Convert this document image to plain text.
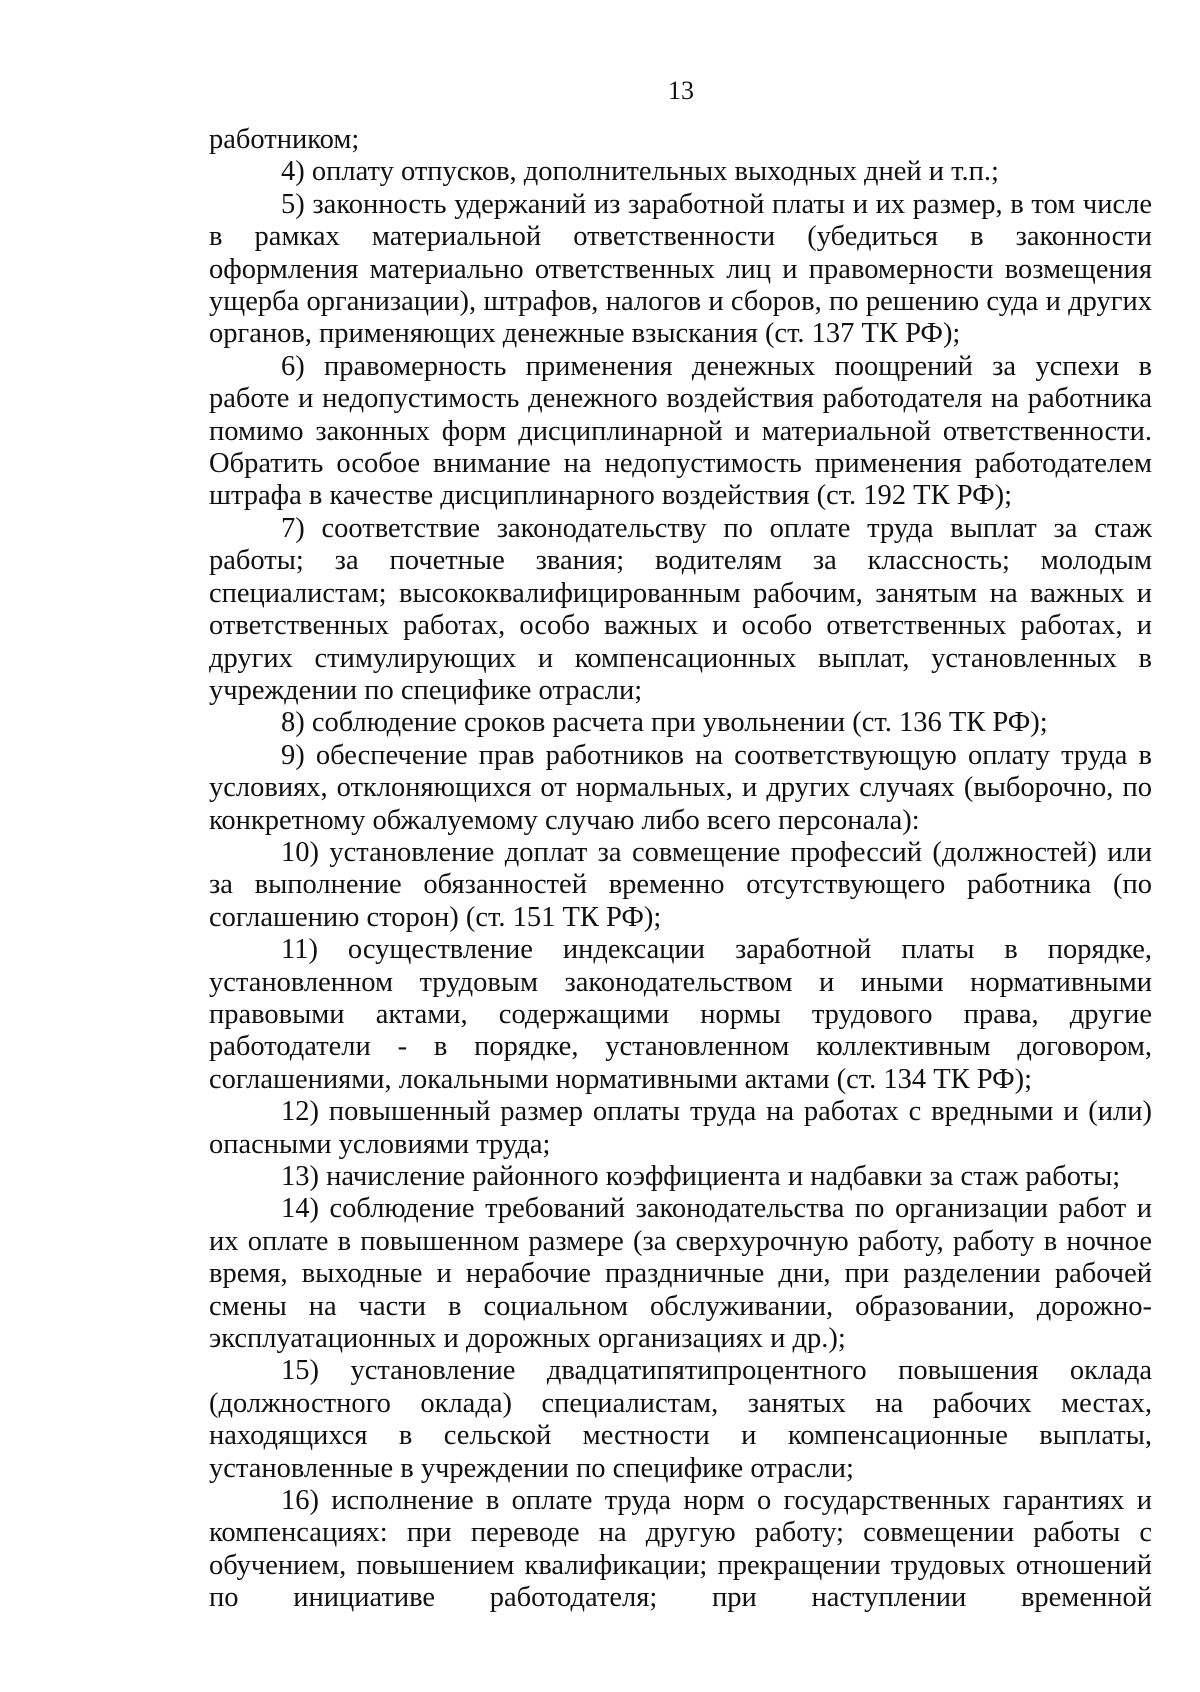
13

работником;

4) оплату отпусков, дополнительных выходных дней и т.п.;

5) законность удержаний из заработной платы и их размер, в том числе в рамках материальной ответственности (убедиться в законности оформления материально ответственных лиц и правомерности возмещения ущерба организации), штрафов, налогов и сборов, по решению суда и других органов, применяющих денежные взыскания (ст. 137 ТК РФ);

6) правомерность применения денежных поощрений за успехи в работе и недопустимость денежного воздействия работодателя на работника помимо законных форм дисциплинарной и материальной ответственности. Обратить особое внимание на недопустимость применения работодателем штрафа в качестве дисциплинарного воздействия (ст. 192 ТК РФ);

7) соответствие законодательству по оплате труда выплат за стаж работы; за почетные звания; водителям за классность; молодым специалистам; высококвалифицированным рабочим, занятым на важных и ответственных работах, особо важных и особо ответственных работах, и других стимулирующих и компенсационных выплат, установленных в учреждении по специфике отрасли;

8) соблюдение сроков расчета при увольнении (ст. 136 ТК РФ);

9) обеспечение прав работников на соответствующую оплату труда в условиях, отклоняющихся от нормальных, и других случаях (выборочно, по конкретному обжалуемому случаю либо всего персонала):

10) установление доплат за совмещение профессий (должностей) или за выполнение обязанностей временно отсутствующего работника (по соглашению сторон) (ст. 151 ТК РФ);

11) осуществление индексации заработной платы в порядке, установленном трудовым законодательством и иными нормативными правовыми актами, содержащими нормы трудового права, другие работодатели - в порядке, установленном коллективным договором, соглашениями, локальными нормативными актами (ст. 134 ТК РФ);

12) повышенный размер оплаты труда на работах с вредными и (или) опасными условиями труда;

13) начисление районного коэффициента и надбавки за стаж работы;

14) соблюдение требований законодательства по организации работ и их оплате в повышенном размере (за сверхурочную работу, работу в ночное время, выходные и нерабочие праздничные дни, при разделении рабочей смены на части в социальном обслуживании, образовании, дорожно-эксплуатационных и дорожных организациях и др.);

15) установление двадцатипятипроцентного повышения оклада (должностного оклада) специалистам, занятых на рабочих местах, находящихся в сельской местности и компенсационные выплаты, установленные в учреждении по специфике отрасли;

16) исполнение в оплате труда норм о государственных гарантиях и компенсациях: при переводе на другую работу; совмещении работы с обучением, повышением квалификации; прекращении трудовых отношений по инициативе работодателя; при наступлении временной
